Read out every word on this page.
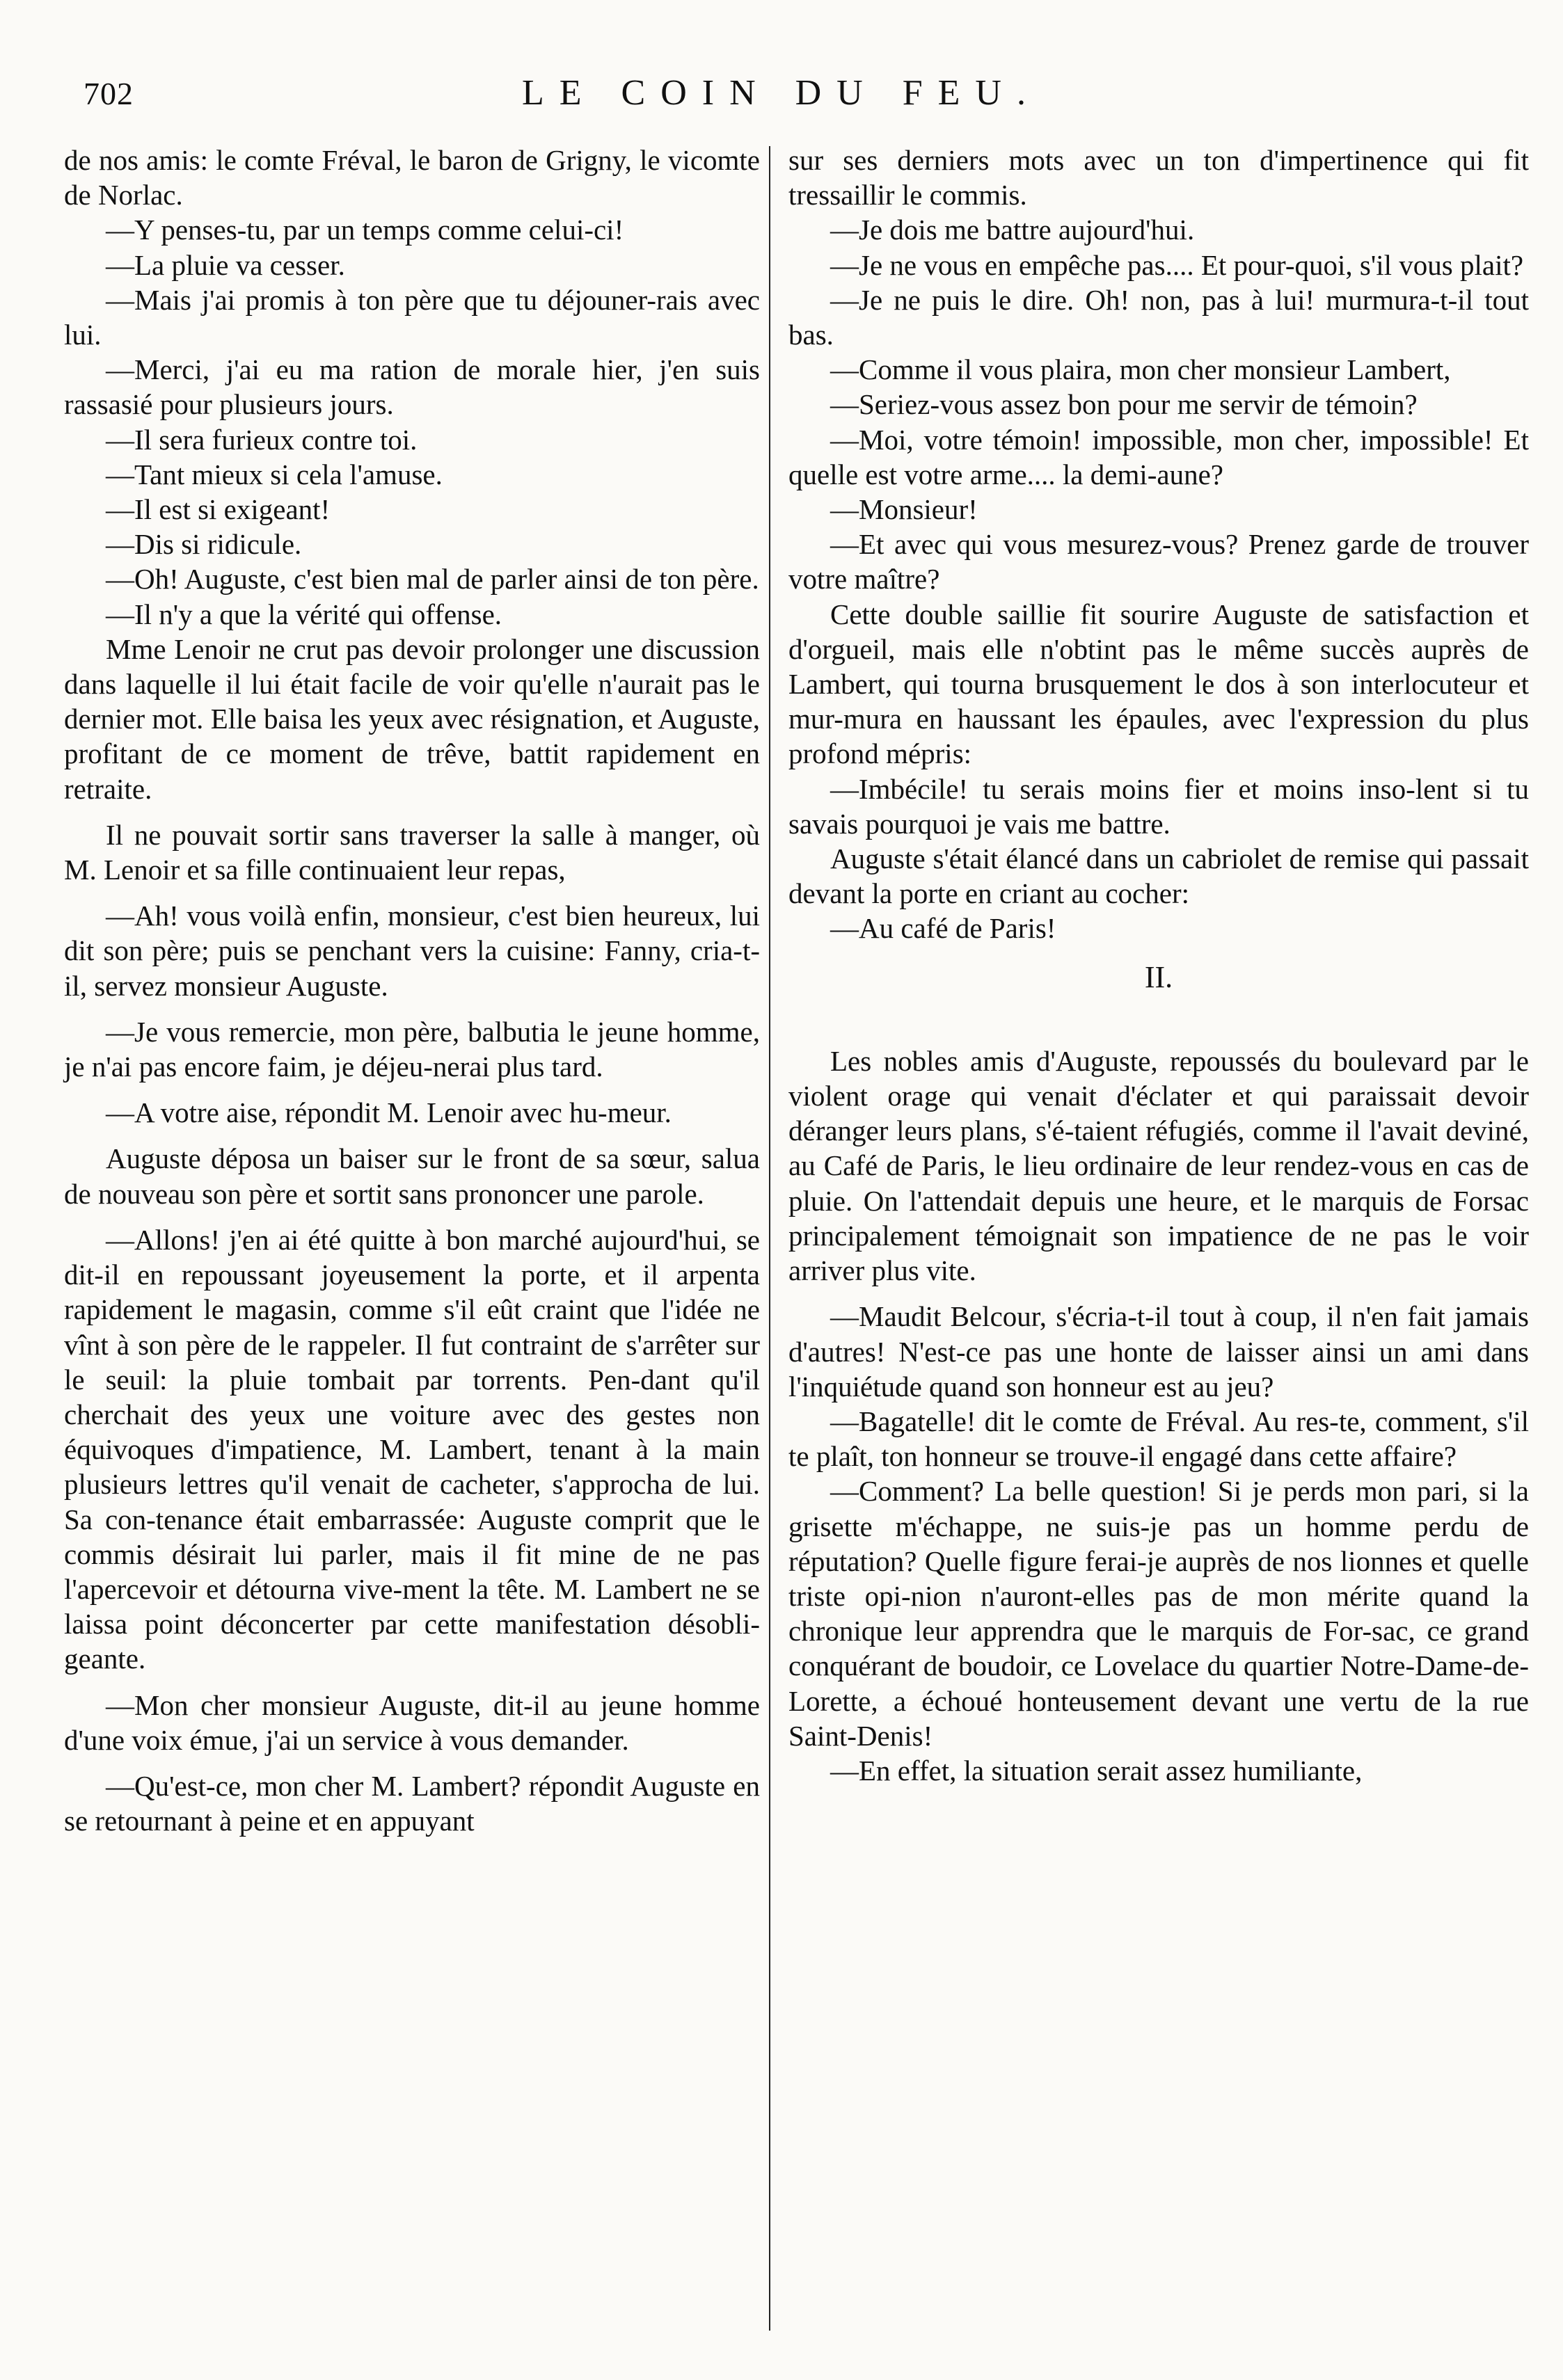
702	LE COIN DU FEU.

de nos amis: le comte Fréval, le baron de Grigny, le vicomte de Norlac.

—Y penses-tu, par un temps comme celui-ci!

—La pluie va cesser.

—Mais j'ai promis à ton père que tu déjouner-rais avec lui.

—Merci, j'ai eu ma ration de morale hier, j'en suis rassasié pour plusieurs jours.

—Il sera furieux contre toi.

—Tant mieux si cela l'amuse.

—Il est si exigeant!

—Dis si ridicule.

—Oh! Auguste, c'est bien mal de parler ainsi de ton père.

—Il n'y a que la vérité qui offense.

Mme Lenoir ne crut pas devoir prolonger une discussion dans laquelle il lui était facile de voir qu'elle n'aurait pas le dernier mot. Elle baisa les yeux avec résignation, et Auguste, profitant de ce moment de trêve, battit rapidement en retraite.

Il ne pouvait sortir sans traverser la salle à manger, où M. Lenoir et sa fille continuaient leur repas,

—Ah! vous voilà enfin, monsieur, c'est bien heureux, lui dit son père; puis se penchant vers la cuisine: Fanny, cria-t-il, servez monsieur Auguste.

—Je vous remercie, mon père, balbutia le jeune homme, je n'ai pas encore faim, je déjeu-nerai plus tard.

—A votre aise, répondit M. Lenoir avec hu-meur.

Auguste déposa un baiser sur le front de sa sœur, salua de nouveau son père et sortit sans prononcer une parole.

—Allons! j'en ai été quitte à bon marché aujourd'hui, se dit-il en repoussant joyeusement la porte, et il arpenta rapidement le magasin, comme s'il eût craint que l'idée ne vînt à son père de le rappeler. Il fut contraint de s'arrêter sur le seuil: la pluie tombait par torrents. Pen-dant qu'il cherchait des yeux une voiture avec des gestes non équivoques d'impatience, M. Lambert, tenant à la main plusieurs lettres qu'il venait de cacheter, s'approcha de lui. Sa con-tenance était embarrassée: Auguste comprit que le commis désirait lui parler, mais il fit mine de ne pas l'apercevoir et détourna vive-ment la tête. M. Lambert ne se laissa point déconcerter par cette manifestation désobli-geante.

—Mon cher monsieur Auguste, dit-il au jeune homme d'une voix émue, j'ai un service à vous demander.

—Qu'est-ce, mon cher M. Lambert? répondit Auguste en se retournant à peine et en appuyant

sur ses derniers mots avec un ton d'impertinence qui fit tressaillir le commis.

—Je dois me battre aujourd'hui.

—Je ne vous en empêche pas.... Et pour-quoi, s'il vous plait?

—Je ne puis le dire. Oh! non, pas à lui! murmura-t-il tout bas.

—Comme il vous plaira, mon cher monsieur Lambert,

—Seriez-vous assez bon pour me servir de témoin?

—Moi, votre témoin! impossible, mon cher, impossible! Et quelle est votre arme.... la demi-aune?

—Monsieur!

—Et avec qui vous mesurez-vous? Prenez garde de trouver votre maître?

Cette double saillie fit sourire Auguste de satisfaction et d'orgueil, mais elle n'obtint pas le même succès auprès de Lambert, qui tourna brusquement le dos à son interlocuteur et mur-mura en haussant les épaules, avec l'expression du plus profond mépris:

—Imbécile! tu serais moins fier et moins inso-lent si tu savais pourquoi je vais me battre.

Auguste s'était élancé dans un cabriolet de remise qui passait devant la porte en criant au cocher:

—Au café de Paris!

II.

Les nobles amis d'Auguste, repoussés du boulevard par le violent orage qui venait d'éclater et qui paraissait devoir déranger leurs plans, s'é-taient réfugiés, comme il l'avait deviné, au Café de Paris, le lieu ordinaire de leur rendez-vous en cas de pluie. On l'attendait depuis une heure, et le marquis de Forsac principalement témoignait son impatience de ne pas le voir arriver plus vite.

—Maudit Belcour, s'écria-t-il tout à coup, il n'en fait jamais d'autres! N'est-ce pas une honte de laisser ainsi un ami dans l'inquiétude quand son honneur est au jeu?

—Bagatelle! dit le comte de Fréval. Au res-te, comment, s'il te plaît, ton honneur se trouve-il engagé dans cette affaire?

—Comment? La belle question! Si je perds mon pari, si la grisette m'échappe, ne suis-je pas un homme perdu de réputation? Quelle figure ferai-je auprès de nos lionnes et quelle triste opi-nion n'auront-elles pas de mon mérite quand la chronique leur apprendra que le marquis de For-sac, ce grand conquérant de boudoir, ce Lovelace du quartier Notre-Dame-de-Lorette, a échoué honteusement devant une vertu de la rue Saint-Denis!

—En effet, la situation serait assez humiliante,
